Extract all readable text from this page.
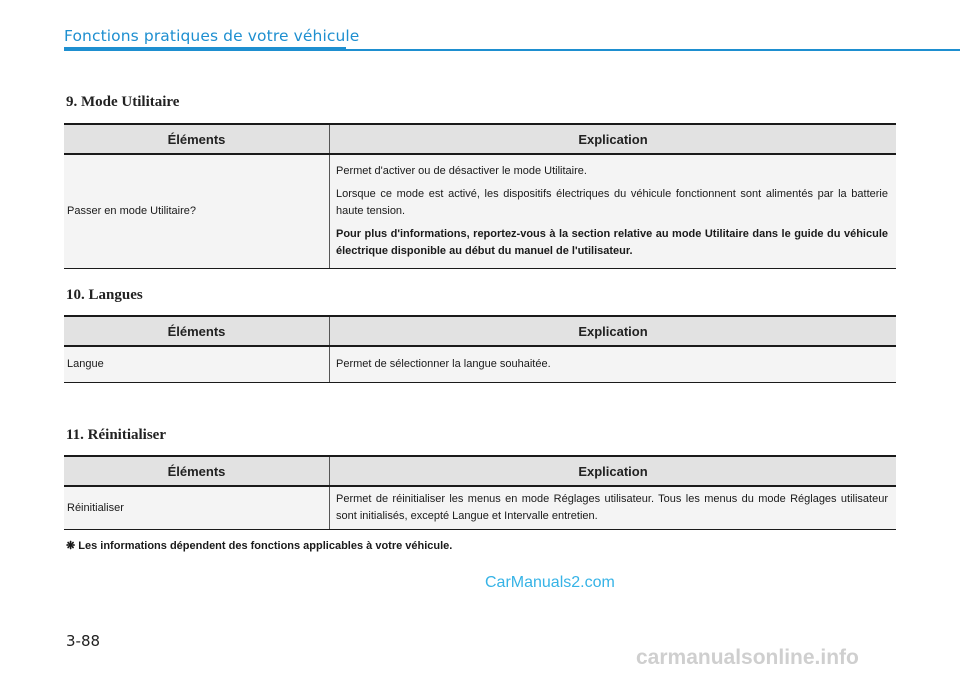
Fonctions pratiques de votre véhicule
9. Mode Utilitaire
Éléments	Explication
Passer en mode Utilitaire?	Permet d'activer ou de désactiver le mode Utilitaire.

Lorsque ce mode est activé, les dispositifs électriques du véhicule fonctionnent sont alimentés par la batterie haute tension.

Pour plus d'informations, reportez-vous à la section relative au mode Utilitaire dans le guide du véhicule électrique disponible au début du manuel de l'utilisateur.

10. Langues
Éléments	Explication
Langue	Permet de sélectionner la langue souhaitée.
11. Réinitialiser
Éléments	Explication
Réinitialiser	Permet de réinitialiser les menus en mode Réglages utilisateur. Tous les menus du mode Réglages utilisateur sont initialisés, excepté Langue et Intervalle entretien.
❋ Les informations dépendent des fonctions applicables à votre véhicule.
CarManuals2.com
3-88
carmanualsonline.info
